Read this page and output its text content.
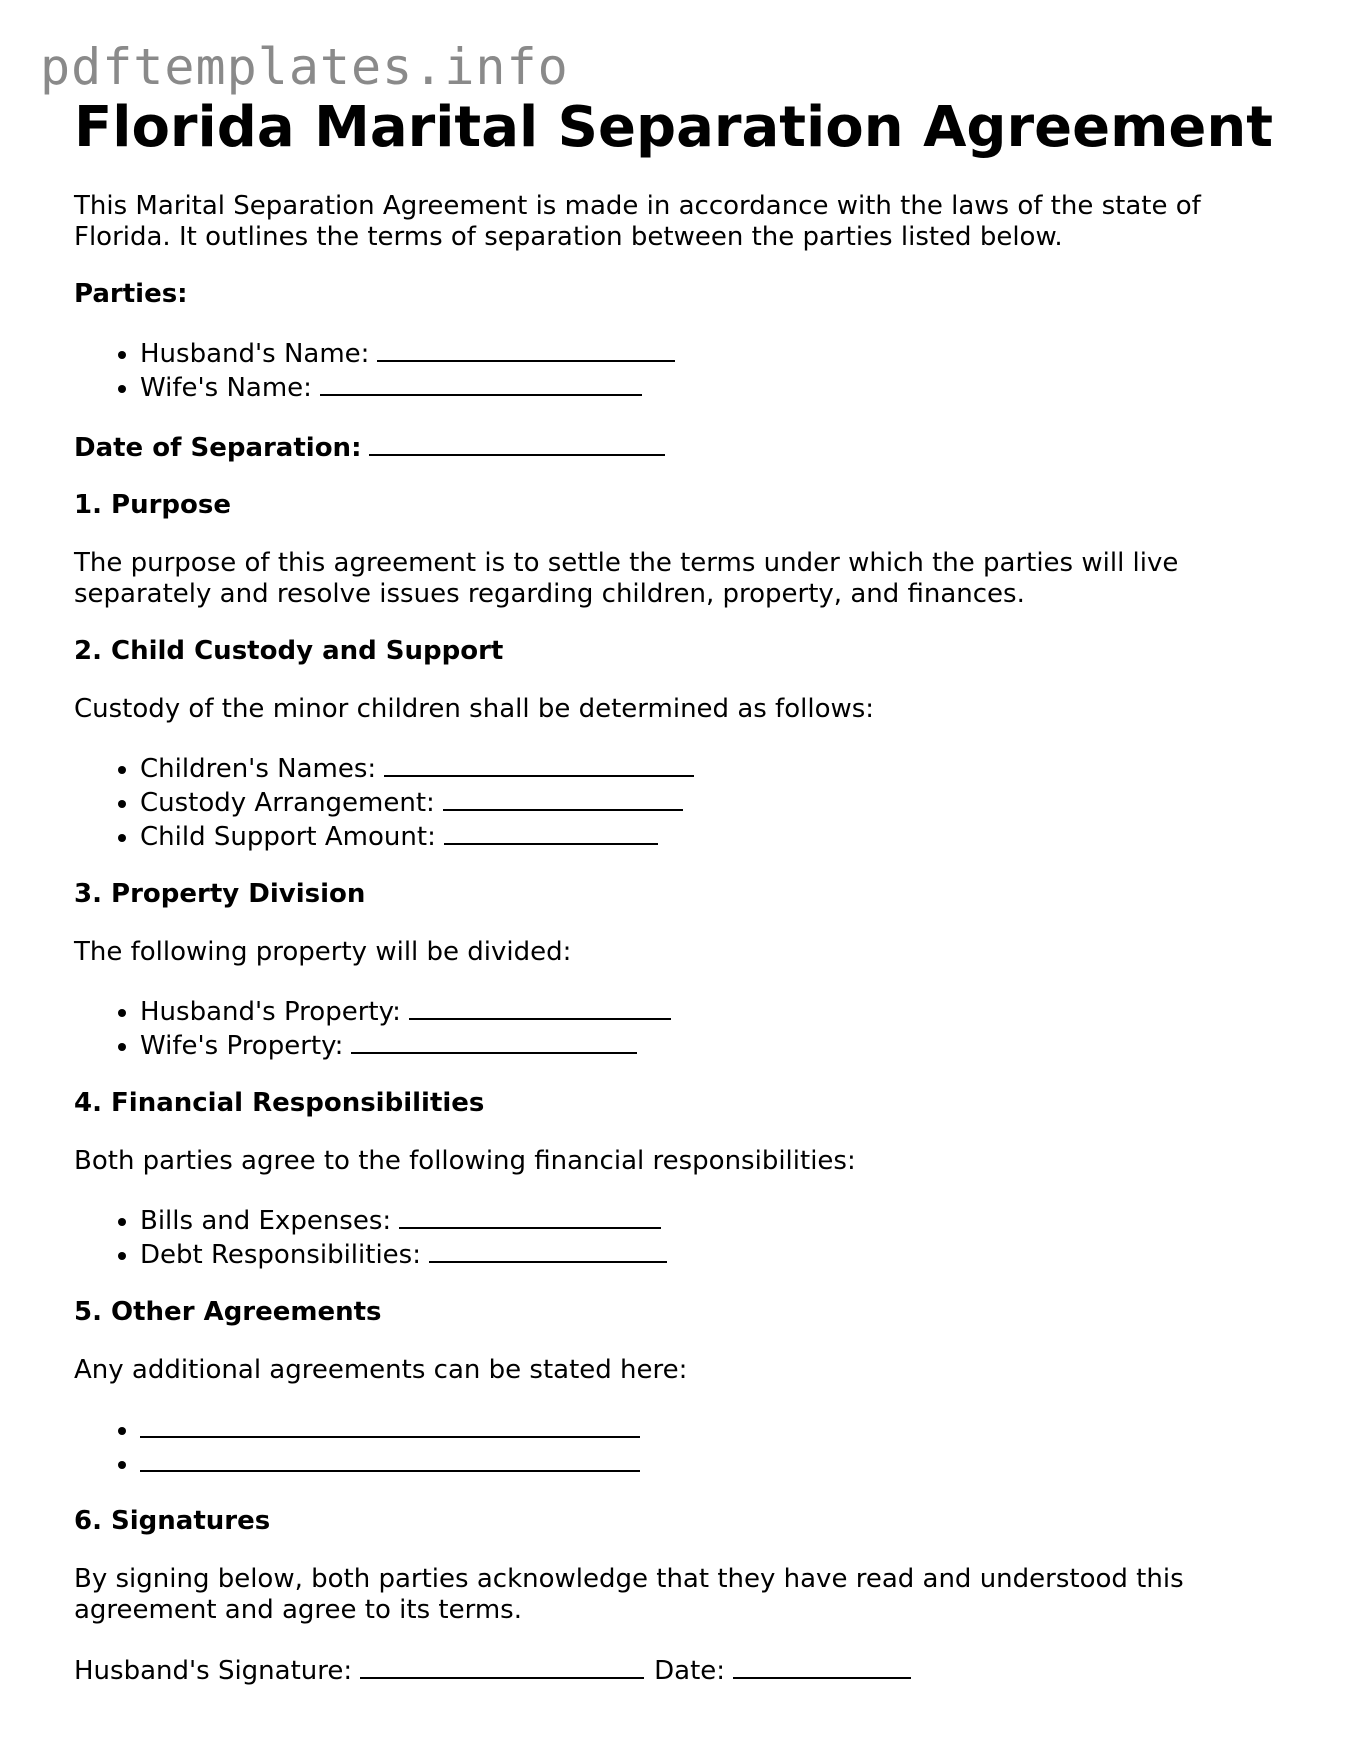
pdftemplates.info
Florida Marital Separation Agreement

This Marital Separation Agreement is made in accordance with the laws of the state of Florida. It outlines the terms of separation between the parties listed below.

Parties:
• Husband's Name:
• Wife's Name:
Date of Separation:
1. Purpose

The purpose of this agreement is to settle the terms under which the parties will live separately and resolve issues regarding children, property, and finances.

2. Child Custody and Support

Custody of the minor children shall be determined as follows:

• Children's Names:
• Custody Arrangement:
• Child Support Amount:
3. Property Division

The following property will be divided:

• Husband's Property:
• Wife's Property:
4. Financial Responsibilities

Both parties agree to the following financial responsibilities:

• Bills and Expenses:
• Debt Responsibilities:
5. Other Agreements

Any additional agreements can be stated here:

•
•
6. Signatures

By signing below, both parties acknowledge that they have read and understood this agreement and agree to its terms.

Husband's Signature:	Date:
